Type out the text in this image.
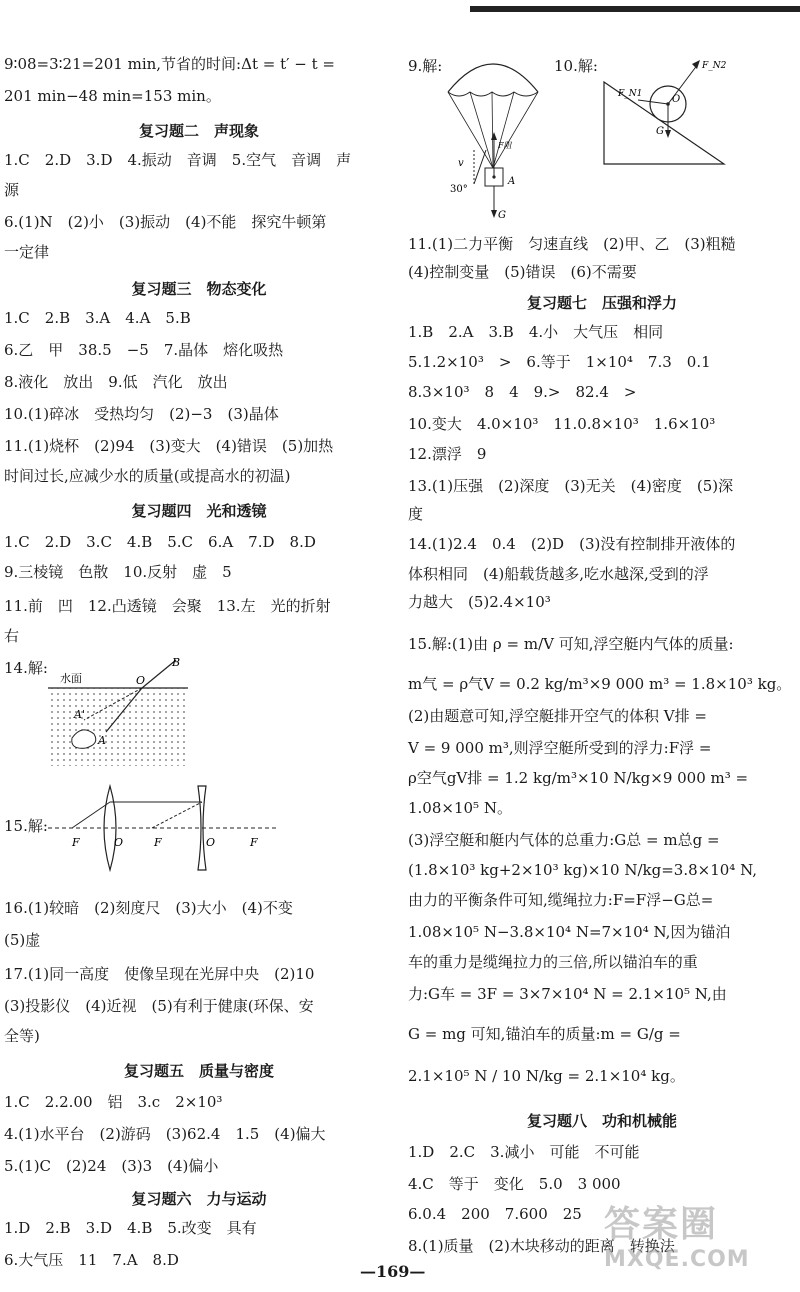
9∶08=3∶21=201 min,节省的时间:Δt = t′ − t =
201 min−48 min=153 min。
复习题二　声现象
1.C　2.D　3.D　4.振动　音调　5.空气　音调　声
源
6.(1)N　(2)小　(3)振动　(4)不能　探究牛顿第
一定律
复习题三　物态变化
1.C　2.B　3.A　4.A　5.B
6.乙　甲　38.5　−5　7.晶体　熔化吸热
8.液化　放出　9.低　汽化　放出
10.(1)碎冰　受热均匀　(2)−3　(3)晶体
11.(1)烧杯　(2)94　(3)变大　(4)错误　(5)加热
时间过长,应减少水的质量(或提高水的初温)
复习题四　光和透镜
1.C　2.D　3.C　4.B　5.C　6.A　7.D　8.D
9.三棱镜　色散　10.反射　虚　5
11.前　凹　12.凸透镜　会聚　13.左　光的折射
右
14.解:
水面
B
O
A'
A
15.解:
F	O	F	O	F
16.(1)较暗　(2)刻度尺　(3)大小　(4)不变
(5)虚
17.(1)同一高度　使像呈现在光屏中央　(2)10
(3)投影仪　(4)近视　(5)有利于健康(环保、安
全等)
复习题五　质量与密度
1.C　2.2.00　铝　3.c　2×10³
4.(1)水平台　(2)游码　(3)62.4　1.5　(4)偏大
5.(1)C　(2)24　(3)3　(4)偏小
复习题六　力与运动
1.D　2.B　3.D　4.B　5.改变　具有
6.大气压　11　7.A　8.D
9.解:
v
F阻
30°
A
G
10.解:	F_N2
F_N1	O
G
11.(1)二力平衡　匀速直线　(2)甲、乙　(3)粗糙
(4)控制变量　(5)错误　(6)不需要
复习题七　压强和浮力
1.B　2.A　3.B　4.小　大气压　相同
5.1.2×10³　>　6.等于　1×10⁴　7.3　0.1
8.3×10³　8　4　9.>　82.4　>
10.变大　4.0×10³　11.0.8×10³　1.6×10³
12.漂浮　9
13.(1)压强　(2)深度　(3)无关　(4)密度　(5)深
度
14.(1)2.4　0.4　(2)D　(3)没有控制排开液体的
体积相同　(4)船载货越多,吃水越深,受到的浮
力越大　(5)2.4×10³
15.解:(1)由 ρ = m/V 可知,浮空艇内气体的质量:
m气 = ρ气V = 0.2 kg/m³×9 000 m³ = 1.8×10³ kg。
(2)由题意可知,浮空艇排开空气的体积 V排 =
V = 9 000 m³,则浮空艇所受到的浮力:F浮 =
ρ空气gV排 = 1.2 kg/m³×10 N/kg×9 000 m³ =
1.08×10⁵ N。
(3)浮空艇和艇内气体的总重力:G总 = m总g =
(1.8×10³ kg+2×10³ kg)×10 N/kg=3.8×10⁴ N,
由力的平衡条件可知,缆绳拉力:F=F浮−G总=
1.08×10⁵ N−3.8×10⁴ N=7×10⁴ N,因为锚泊
车的重力是缆绳拉力的三倍,所以锚泊车的重
力:G车 = 3F = 3×7×10⁴ N = 2.1×10⁵ N,由
G = mg 可知,锚泊车的质量:m = G/g =
2.1×10⁵ N / 10 N/kg = 2.1×10⁴ kg。
复习题八　功和机械能
1.D　2.C　3.减小　可能　不可能
4.C　等于　变化　5.0　3 000
6.0.4　200　7.600　25
8.(1)质量　(2)木块移动的距离　转换法
—169—
答案圈
MXQE.COM
